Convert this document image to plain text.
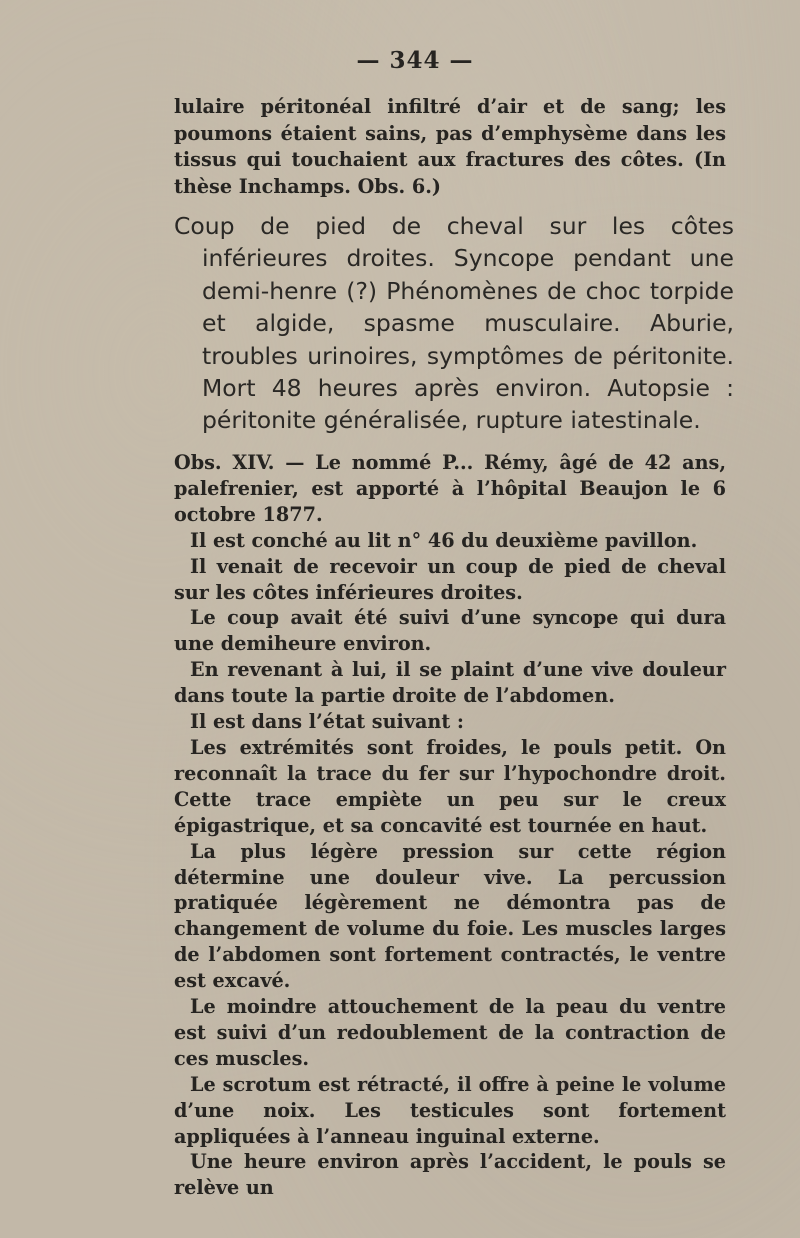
— 344 —

lulaire péritonéal infiltré d’air et de sang; les poumons étaient sains, pas d’emphysème dans les tissus qui touchaient aux fractures des côtes. (In thèse Inchamps. Obs. 6.)

Coup de pied de cheval sur les côtes inférieures droites. Syncope pendant une demi-henre (?) Phénomènes de choc torpide et algide, spasme musculaire. Aburie, troubles urinoires, symptômes de péritonite. Mort 48 heures après environ. Autopsie : péritonite généralisée, rupture iatestinale.

Obs. XIV. — Le nommé P... Rémy, âgé de 42 ans, palefrenier, est apporté à l’hôpital Beaujon le 6 octobre 1877.

Il est conché au lit n° 46 du deuxième pavillon.

Il venait de recevoir un coup de pied de cheval sur les côtes inférieures droites.

Le coup avait été suivi d’une syncope qui dura une demiheure environ.

En revenant à lui, il se plaint d’une vive douleur dans toute la partie droite de l’abdomen.

Il est dans l’état suivant :

Les extrémités sont froides, le pouls petit. On reconnaît la trace du fer sur l’hypochondre droit. Cette trace empiète un peu sur le creux épigastrique, et sa concavité est tournée en haut.

La plus légère pression sur cette région détermine une douleur vive. La percussion pratiquée légèrement ne démontra pas de changement de volume du foie. Les muscles larges de l’abdomen sont fortement contractés, le ventre est excavé.

Le moindre attouchement de la peau du ventre est suivi d’un redoublement de la contraction de ces muscles.

Le scrotum est rétracté, il offre à peine le volume d’une noix. Les testicules sont fortement appliquées à l’anneau inguinal externe.

Une heure environ après l’accident, le pouls se relève un
